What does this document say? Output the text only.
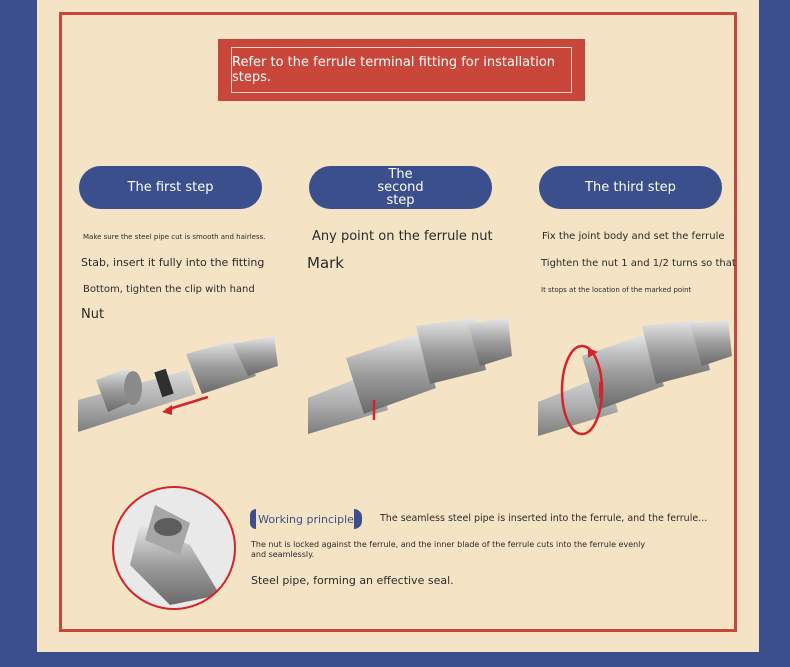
Refer to the ferrule terminal fitting for installation steps.
The first step
The second step
The third step
Make sure the steel pipe cut is smooth and hairless.
Stab, insert it fully into the fitting
Bottom, tighten the clip with hand
Nut
Any point on the ferrule nut
Mark
Fix the joint body and set the ferrule
Tighten the nut 1 and 1/2 turns so that
It stops at the location of the marked point
Working principle	The seamless steel pipe is inserted into the ferrule, and the ferrule...
The nut is locked against the ferrule, and the inner blade of the ferrule cuts into the ferrule evenly and seamlessly.
Steel pipe, forming an effective seal.
